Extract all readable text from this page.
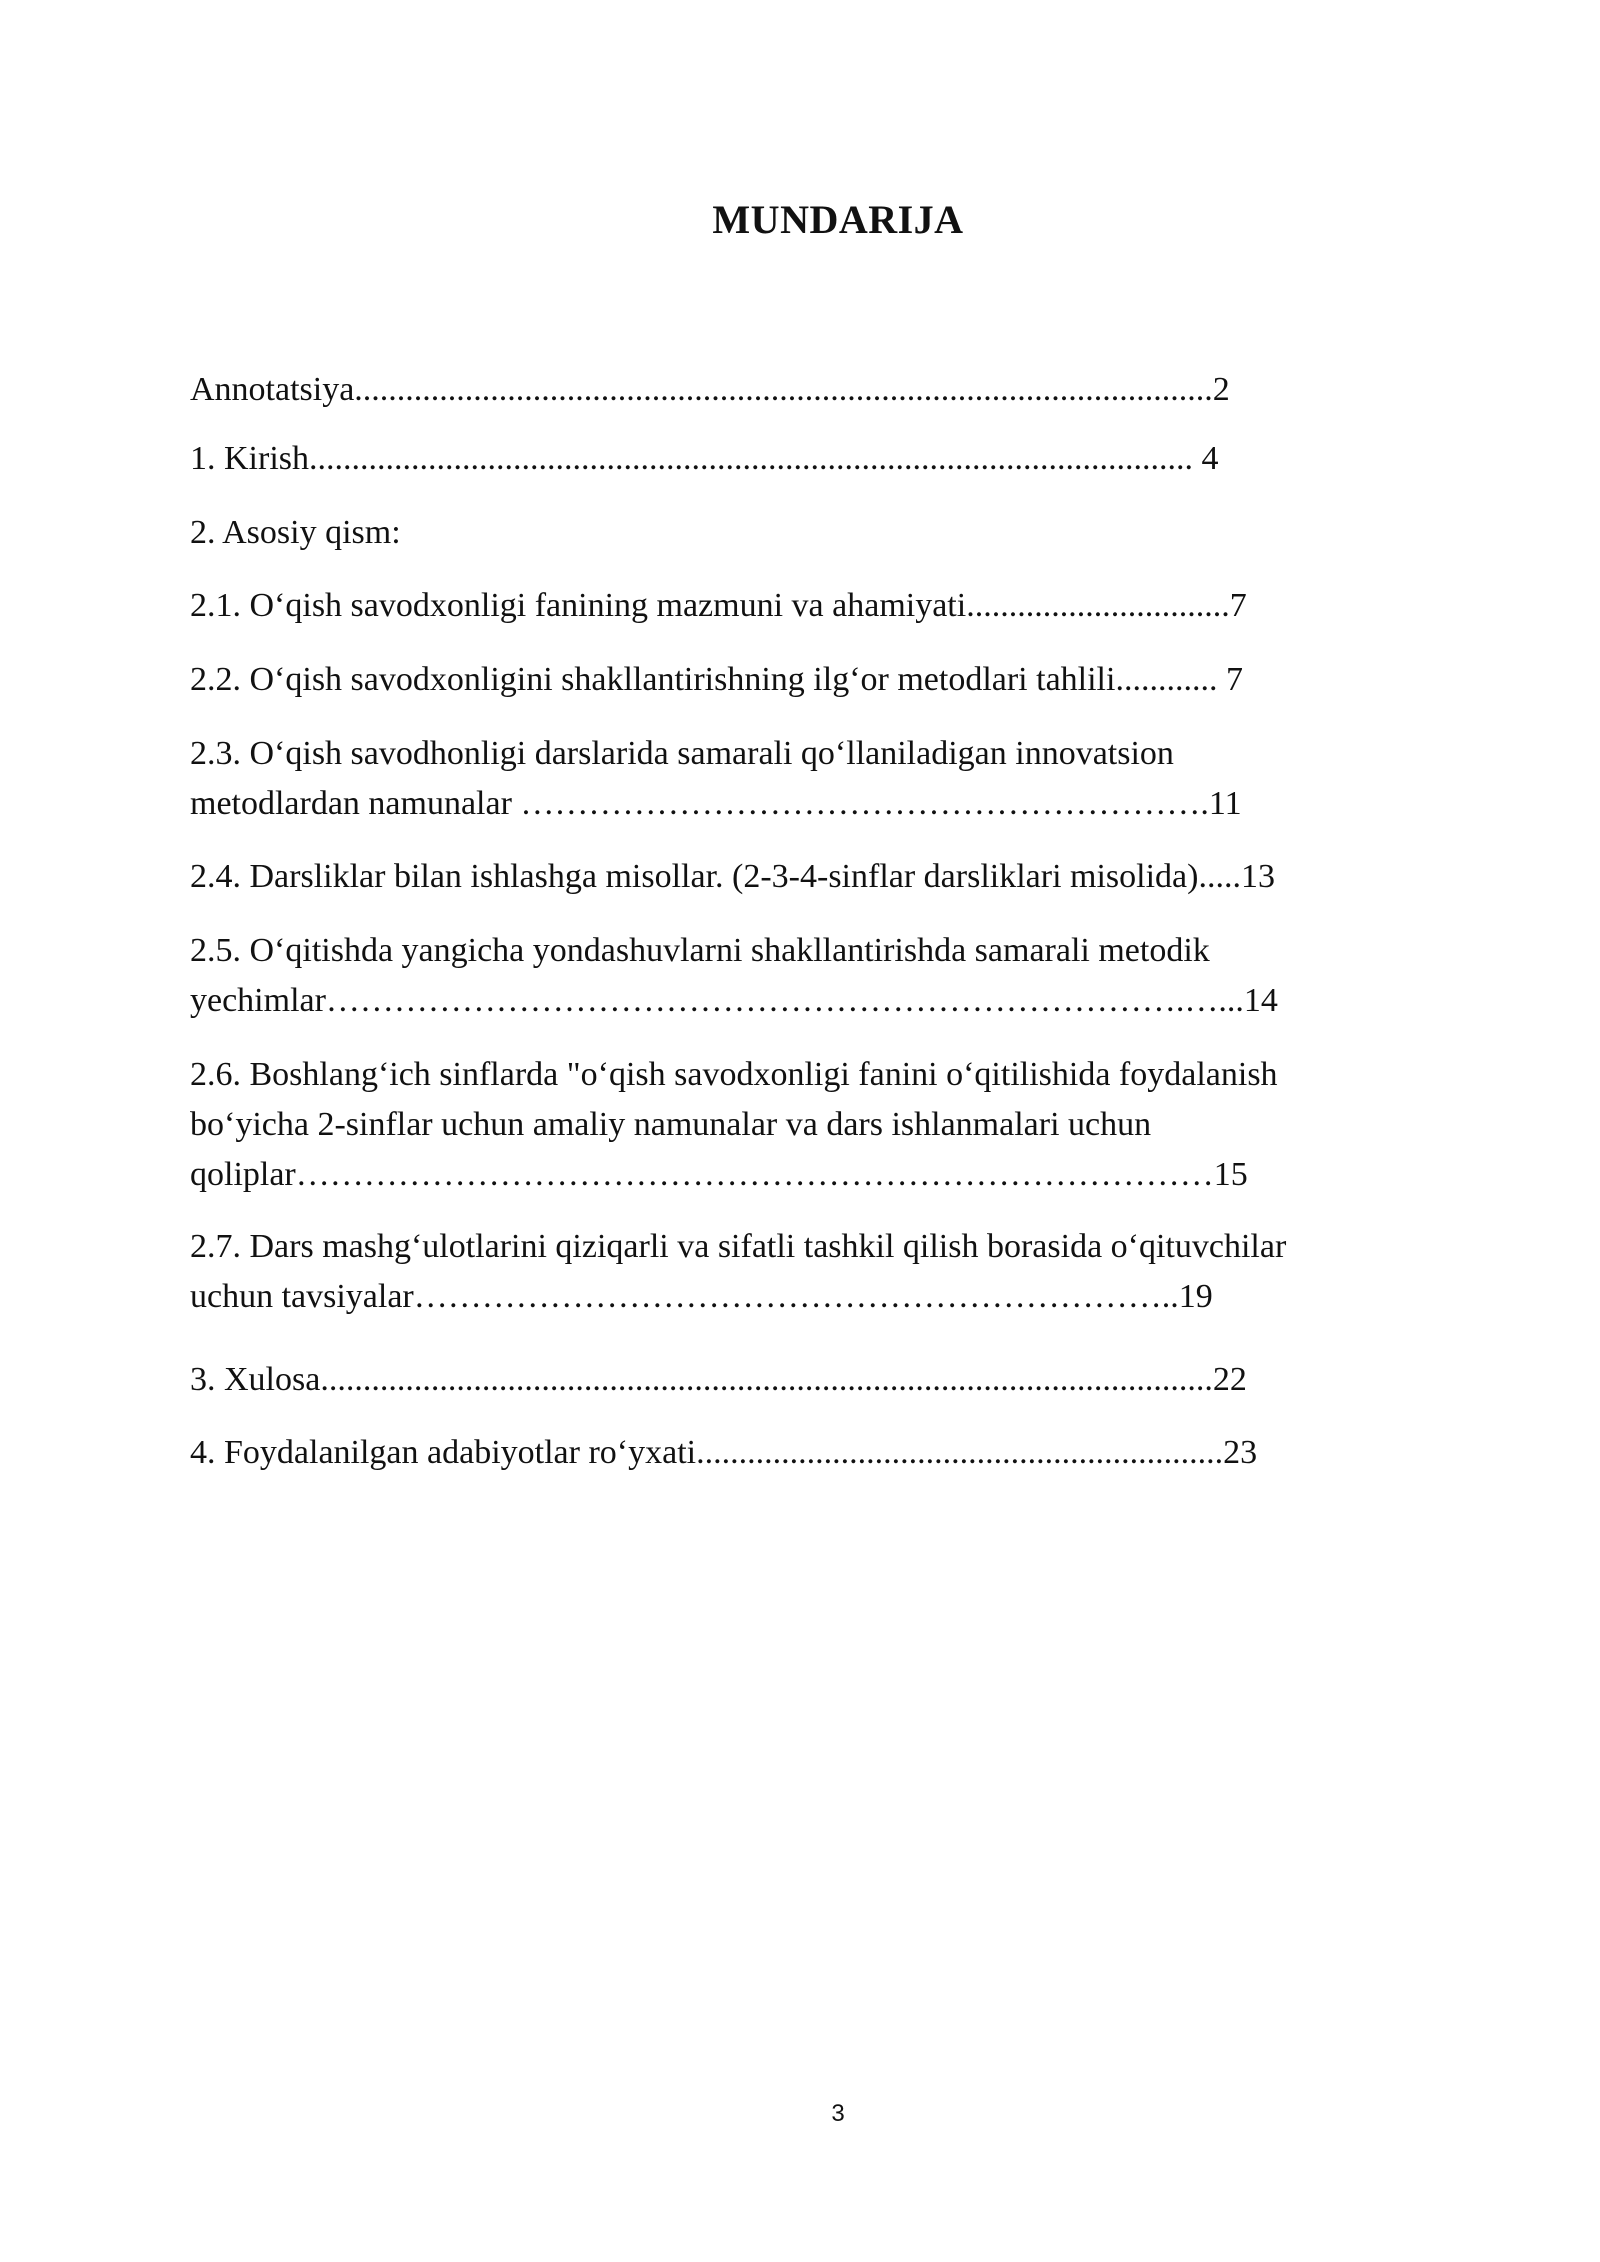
MUNDARIJA
Annotatsiya.....................................................................................................2
1. Kirish........................................................................................................ 4
2. Asosiy qism:
2.1. O‘qish savodxonligi fanining mazmuni va ahamiyati...............................7
2.2. O‘qish savodxonligini shakllantirishning ilg‘or metodlari tahlili............ 7
2.3. O‘qish savodhonligi darslarida samarali qo‘llaniladigan innovatsion
metodlardan namunalar …………………………………………………….11
2.4. Darsliklar bilan ishlashga misollar. (2-3-4-sinflar darsliklari misolida).....13
2.5. O‘qitishda yangicha yondashuvlarni shakllantirishda samarali metodik
yechimlar………………………………………………………………….…...14
2.6. Boshlang‘ich sinflarda "o‘qish savodxonligi fanini o‘qitilishida foydalanish
bo‘yicha 2-sinflar uchun amaliy namunalar va dars ishlanmalari uchun
qoliplar………………………………………………………………………15
2.7. Dars mashg‘ulotlarini qiziqarli va sifatli tashkil qilish borasida o‘qituvchilar
uchun tavsiyalar…………………………………………………………..19
3. Xulosa.........................................................................................................22
4. Foydalanilgan adabiyotlar ro‘yxati..............................................................23
3
